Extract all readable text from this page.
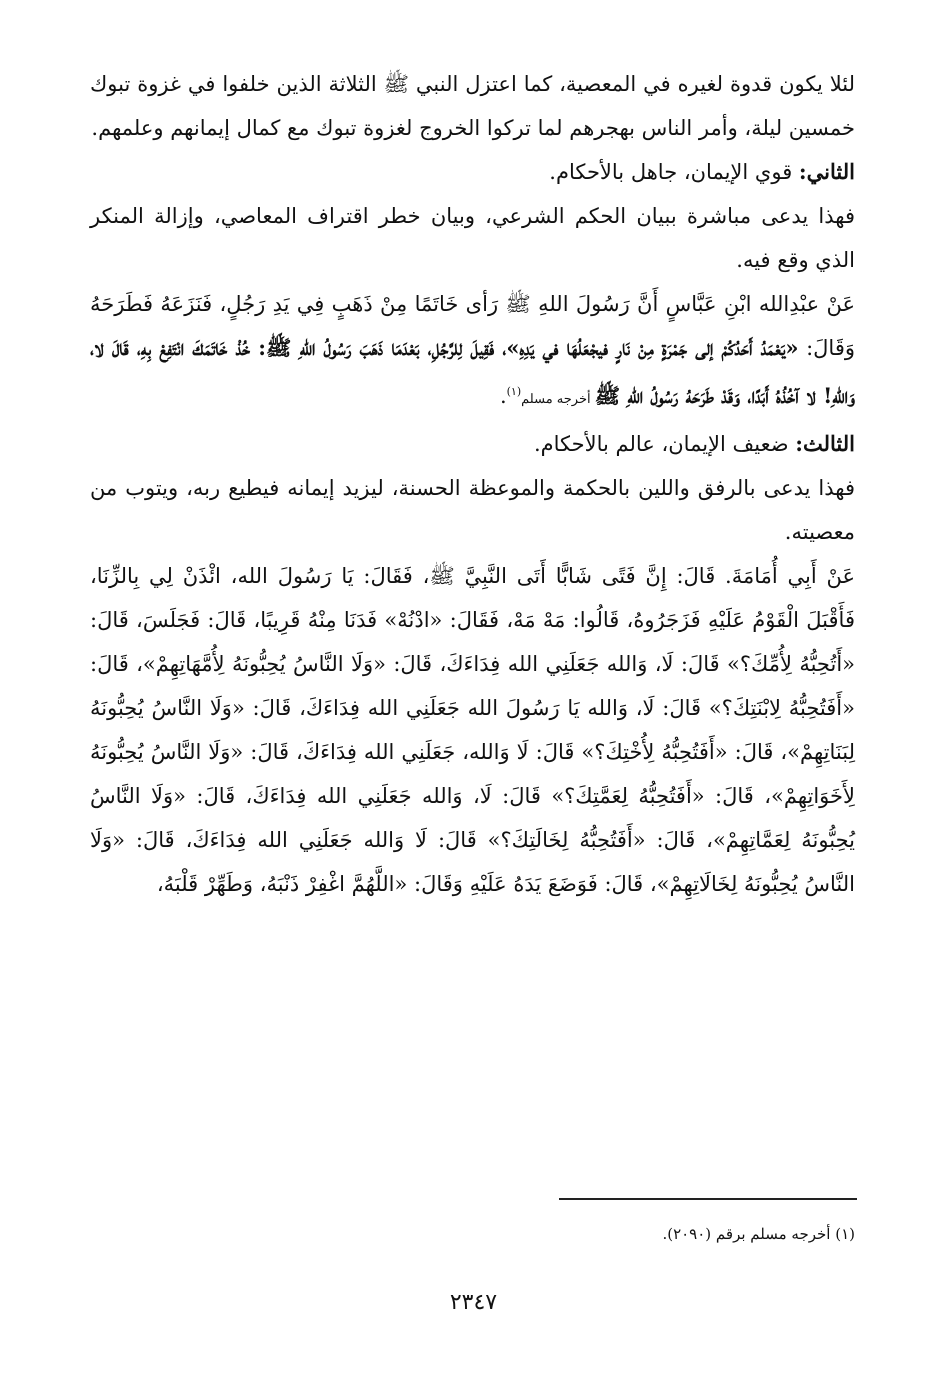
لئلا يكون قدوة لغيره في المعصية، كما اعتزل النبي ﷺ الثلاثة الذين خلفوا في غزوة تبوك خمسين ليلة، وأمر الناس بهجرهم لما تركوا الخروج لغزوة تبوك مع كمال إيمانهم وعلمهم.

الثاني: قوي الإيمان، جاهل بالأحكام.

فهذا يدعى مباشرة ببيان الحكم الشرعي، وبيان خطر اقتراف المعاصي، وإزالة المنكر الذي وقع فيه.

عَنْ عبْدِالله ابْنِ عَبَّاسٍ أَنَّ رَسُولَ اللهِ ﷺ رَأى خَاتَمًا مِنْ ذَهَبٍ فِي يَدِ رَجُلٍ، فَنَزَعَهُ فَطَرَحَهُ وَقَالَ: «يَعْمَدُ أَحَدُكُمْ إلى جَمْرَةٍ مِنْ نَارٍ فيجْعَلُهَا في يَدِهِ»، فَقِيلَ لِلرَّجُلِ، بَعْدَمَا ذَهَبَ رَسُولُ اللهِ ﷺ: خُذْ خَاتَمَكَ انْتَفِعْ بِهِ، قَالَ لا، وَاللهِ! لا آخُذُهُ أَبَدًا، وَقَدْ طَرَحَهُ رَسُولُ اللهِ ﷺ أخرجه مسلم$^{(١)}$.

الثالث: ضعيف الإيمان، عالم بالأحكام.

فهذا يدعى بالرفق واللين بالحكمة والموعظة الحسنة، ليزيد إيمانه فيطيع ربه، ويتوب من معصيته.

عَنْ أَبِي أُمَامَةَ. قَالَ: إِنَّ فَتًى شَابًّا أَتَى النَّبِيَّ ﷺ، فَقَالَ: يَا رَسُولَ الله، ائْذَنْ لِي بِالزِّنَا، فَأَقْبَلَ الْقَوْمُ عَلَيْهِ فَزَجَرُوهُ، قَالُوا: مَهْ مَهْ، فَقَالَ: «ادْنُهْ» فَدَنَا مِنْهُ قَرِيبًا، قَالَ: فَجَلَسَ، قَالَ: «أَتُحِبُّهُ لِأُمِّكَ؟» قَالَ: لَا، وَالله جَعَلَنِي الله فِدَاءَكَ، قَالَ: «وَلَا النَّاسُ يُحِبُّونَهُ لِأُمَّهَاتِهِمْ»، قَالَ: «أَفَتُحِبُّهُ لِابْنَتِكَ؟» قَالَ: لَا، وَالله يَا رَسُولَ الله جَعَلَنِي الله فِدَاءَكَ، قَالَ: «وَلَا النَّاسُ يُحِبُّونَهُ لِبَنَاتِهِمْ»، قَالَ: «أَفَتُحِبُّهُ لِأُخْتِكَ؟» قَالَ: لَا وَالله، جَعَلَنِي الله فِدَاءَكَ، قَالَ: «وَلَا النَّاسُ يُحِبُّونَهُ لِأَخَوَاتِهِمْ»، قَالَ: «أَفَتُحِبُّهُ لِعَمَّتِكَ؟» قَالَ: لَا، وَالله جَعَلَنِي الله فِدَاءَكَ، قَالَ: «وَلَا النَّاسُ يُحِبُّونَهُ لِعَمَّاتِهِمْ»، قَالَ: «أَفَتُحِبُّهُ لِخَالَتِكَ؟» قَالَ: لَا وَالله جَعَلَنِي الله فِدَاءَكَ، قَالَ: «وَلَا النَّاسُ يُحِبُّونَهُ لِخَالَاتِهِمْ»، قَالَ: فَوَضَعَ يَدَهُ عَلَيْهِ وَقَالَ: «اللَّهُمَّ اغْفِرْ ذَنْبَهُ، وَطَهِّرْ قَلْبَهُ،

(١) أخرجه مسلم برقم (٢٠٩٠).
٢٣٤٧
